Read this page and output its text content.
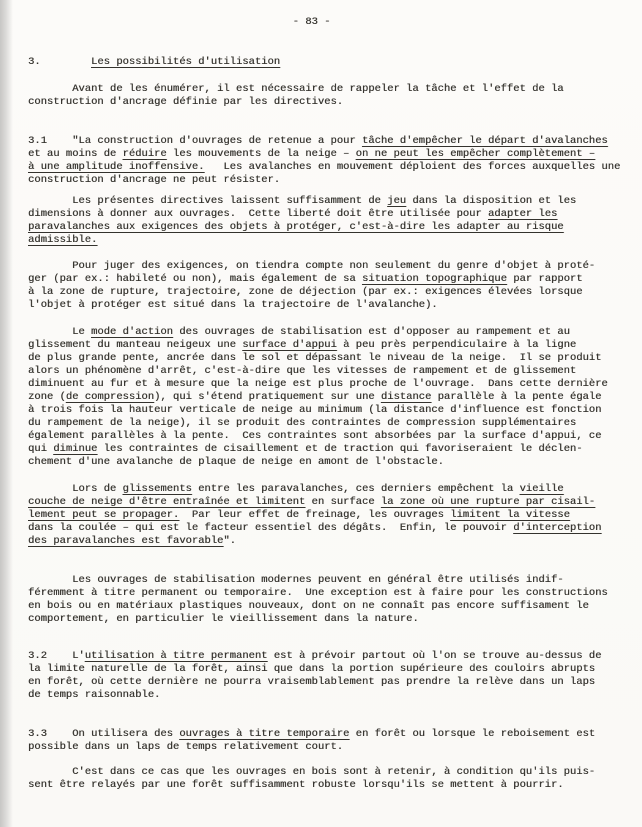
- 83 -
3.        Les possibilités d'utilisation
Avant de les énumérer, il est nécessaire de rappeler la tâche et l'effet de la
construction d'ancrage définie par les directives.
3.1    "La construction d'ouvrages de retenue a pour tâche d'empêcher le départ d'avalanches
et au moins de réduire les mouvements de la neige – on ne peut les empêcher complètement –
à une amplitude inoffensive.   Les avalanches en mouvement déploient des forces auxquelles une
construction d'ancrage ne peut résister.
Les présentes directives laissent suffisamment de jeu dans la disposition et les
dimensions à donner aux ouvrages.  Cette liberté doit être utilisée pour adapter les
paravalanches aux exigences des objets à protéger, c'est-à-dire les adapter au risque
admissible.
Pour juger des exigences, on tiendra compte non seulement du genre d'objet à proté-
ger (par ex.: habileté ou non), mais également de sa situation topographique par rapport
à la zone de rupture, trajectoire, zone de déjection (par ex.: exigences élevées lorsque
l'objet à protéger est situé dans la trajectoire de l'avalanche).
Le mode d'action des ouvrages de stabilisation est d'opposer au rampement et au
glissement du manteau neigeux une surface d'appui à peu près perpendiculaire à la ligne
de plus grande pente, ancrée dans le sol et dépassant le niveau de la neige.  Il se produit
alors un phénomène d'arrêt, c'est-à-dire que les vitesses de rampement et de glissement
diminuent au fur et à mesure que la neige est plus proche de l'ouvrage.  Dans cette dernière
zone (de compression), qui s'étend pratiquement sur une distance parallèle à la pente égale
à trois fois la hauteur verticale de neige au minimum (la distance d'influence est fonction
du rampement de la neige), il se produit des contraintes de compression supplémentaires
également parallèles à la pente.  Ces contraintes sont absorbées par la surface d'appui, ce
qui diminue les contraintes de cisaillement et de traction qui favoriseraient le déclen-
chement d'une avalanche de plaque de neige en amont de l'obstacle.
Lors de glissements entre les paravalanches, ces derniers empêchent la vieille
couche de neige d'être entraînée et limitent en surface la zone où une rupture par cisail-
lement peut se propager.  Par leur effet de freinage, les ouvrages limitent la vitesse
dans la coulée – qui est le facteur essentiel des dégâts.  Enfin, le pouvoir d'interception
des paravalanches est favorable".
Les ouvrages de stabilisation modernes peuvent en général être utilisés indif-
féremment à titre permanent ou temporaire.  Une exception est à faire pour les constructions
en bois ou en matériaux plastiques nouveaux, dont on ne connaît pas encore suffisament le
comportement, en particulier le vieillissement dans la nature.
3.2    L'utilisation à titre permanent est à prévoir partout où l'on se trouve au-dessus de
la limite naturelle de la forêt, ainsi que dans la portion supérieure des couloirs abrupts
en forêt, où cette dernière ne pourra vraisemblablement pas prendre la relève dans un laps
de temps raisonnable.
3.3    On utilisera des ouvrages à titre temporaire en forêt ou lorsque le reboisement est
possible dans un laps de temps relativement court.
C'est dans ce cas que les ouvrages en bois sont à retenir, à condition qu'ils puis-
sent être relayés par une forêt suffisamment robuste lorsqu'ils se mettent à pourrir.
